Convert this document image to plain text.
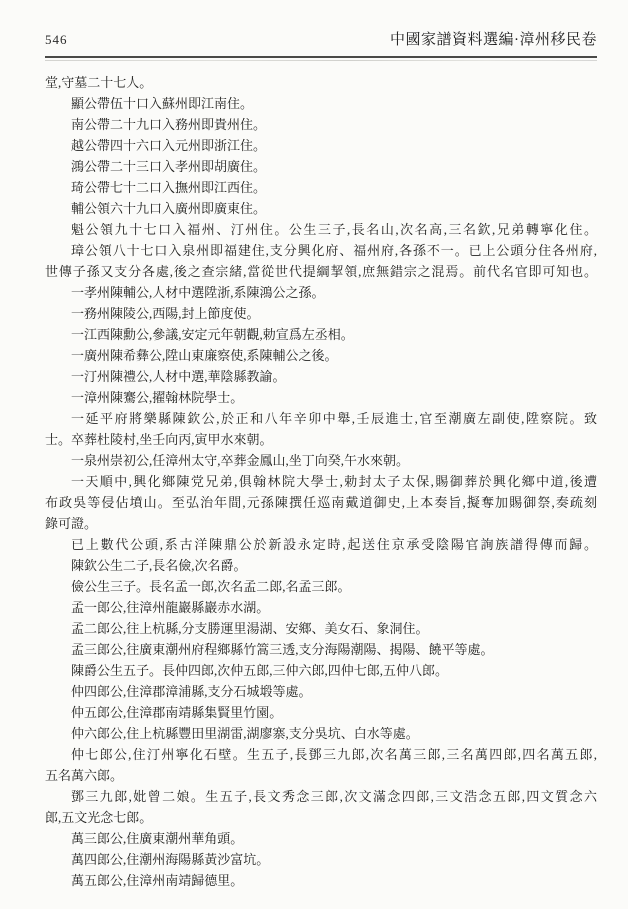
546	中國家譜資料選編·漳州移民卷
堂,守墓二十七人。
顯公帶伍十口入蘇州即江南住。
南公帶二十九口入務州即貴州住。
越公帶四十六口入元州即浙江住。
鴻公帶二十三口入孝州即胡廣住。
琦公帶七十二口入撫州即江西住。
輔公領六十九口入廣州即廣東住。
魁公領九十七口入福州、汀州住。公生三子,長名山,次名高,三名欽,兄弟轉寧化住。
璋公領八十七口入泉州即福建住,支分興化府、福州府,各孫不一。已上公頭分住各州府,
世傳子孫又支分各處,後之查宗緒,當從世代提綱挈領,庶無錯宗之混焉。前代名官即可知也。
一孝州陳輔公,人材中選陞浙,系陳鴻公之孫。
一務州陳陵公,西陽,封上節度使。
一江西陳勳公,參議,安定元年朝觀,勅宣爲左丞相。
一廣州陳希彝公,陞山東廉察使,系陳輔公之後。
一汀州陳禮公,人材中選,華陰縣教諭。
一漳州陳騫公,擢翰林院學士。
一延平府將樂縣陳欽公,於正和八年辛卯中舉,壬辰進士,官至潮廣左副使,陞察院。致
士。卒葬杜陵村,坐壬向丙,寅甲水來朝。
一泉州崇初公,任漳州太守,卒葬金鳳山,坐丁向癸,午水來朝。
一天順中,興化鄉陳党兄弟,俱翰林院大學士,勅封太子太保,賜御葬於興化鄉中道,後遭
布政吳等侵佔墳山。至弘治年間,元孫陳撰任巡南戴道御史,上本奏旨,擬奪加賜御祭,奏疏刻
錄可證。
已上數代公頭,系古洋陳鼎公於新設永定時,起送住京承受陰陽官詢族譜得傳而歸。
陳欽公生二子,長名儉,次名爵。
儉公生三子。長名孟一郎,次名孟二郎,名孟三郎。
孟一郎公,往漳州龍巖縣巖赤水湖。
孟二郎公,往上杭縣,分支勝運里湯湖、安鄉、美女石、象洞住。
孟三郎公,往廣東潮州府程鄉縣竹篙三透,支分海陽潮陽、揭陽、饒平等處。
陳爵公生五子。長仲四郎,次仲五郎,三仲六郎,四仲七郎,五仲八郎。
仲四郎公,住漳郡漳浦縣,支分石城塅等處。
仲五郎公,住漳郡南靖縣集賢里竹園。
仲六郎公,住上杭縣豐田里湖雷,湖廖寨,支分吳坑、白水等處。
仲七郎公,住汀州寧化石壁。生五子,長鄧三九郎,次名萬三郎,三名萬四郎,四名萬五郎,
五名萬六郎。
鄧三九郎,妣曾二娘。生五子,長文秀念三郎,次文滿念四郎,三文浩念五郎,四文質念六
郎,五文光念七郎。
萬三郎公,住廣東潮州華角頭。
萬四郎公,住潮州海陽縣黃沙富坑。
萬五郎公,住漳州南靖歸德里。
